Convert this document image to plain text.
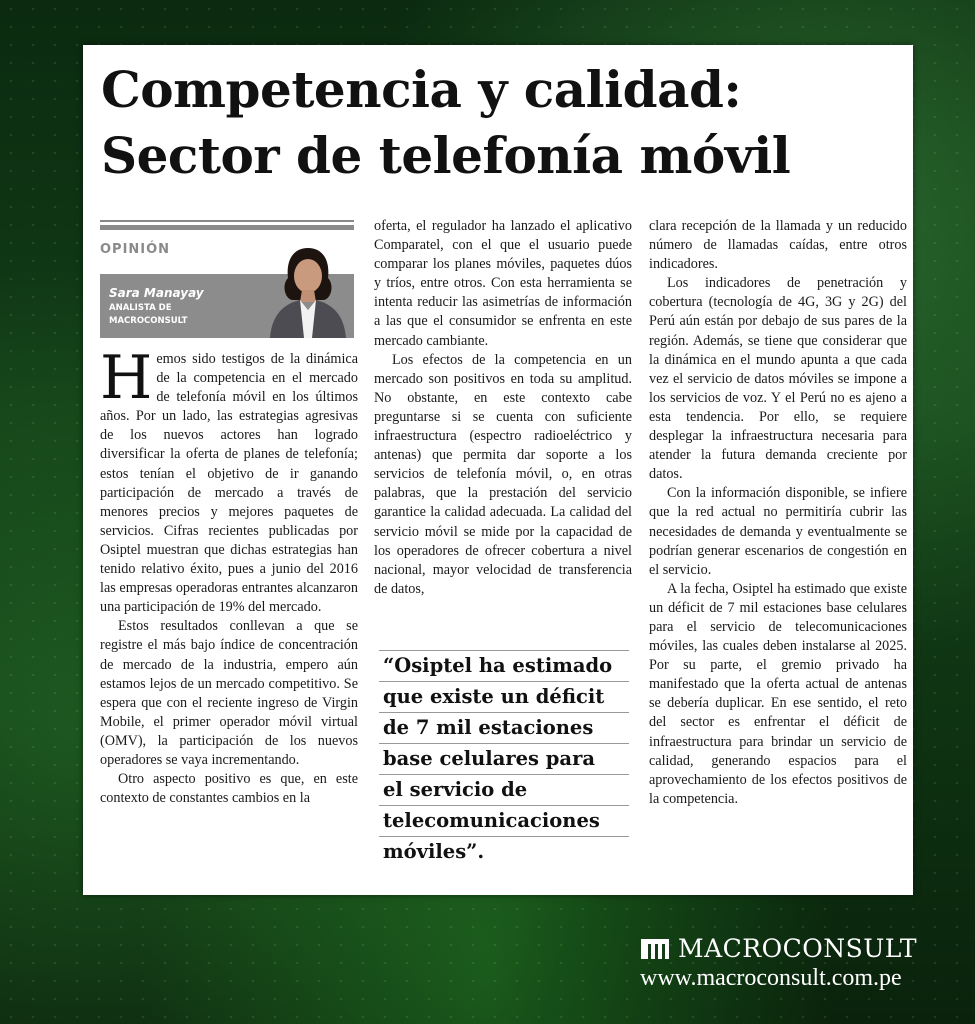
Competencia y calidad:
Sector de telefonía móvil
OPINIÓN
Sara Manayay
ANALISTA DE MACROCONSULT

Hemos sido testigos de la dinámica de la competencia en el mercado de telefonía móvil en los últimos años. Por un lado, las estrategias agresivas de los nuevos actores han logrado diversificar la oferta de planes de telefonía; estos tenían el objetivo de ir ganando participación de mercado a través de menores precios y mejores paquetes de servicios. Cifras recientes publicadas por Osiptel muestran que dichas estrategias han tenido relativo éxito, pues a junio del 2016 las empresas operadoras entrantes alcanzaron una participación de 19% del mercado.

Estos resultados conllevan a que se registre el más bajo índice de concentración de mercado de la industria, empero aún estamos lejos de un mercado competitivo. Se espera que con el reciente ingreso de Virgin Mobile, el primer operador móvil virtual (OMV), la participación de los nuevos operadores se vaya incrementando.

Otro aspecto positivo es que, en este contexto de constantes cambios en la

oferta, el regulador ha lanzado el aplicativo Comparatel, con el que el usuario puede comparar los planes móviles, paquetes dúos y tríos, entre otros. Con esta herramienta se intenta reducir las asimetrías de información a las que el consumidor se enfrenta en este mercado cambiante.

Los efectos de la competencia en un mercado son positivos en toda su amplitud. No obstante, en este contexto cabe preguntarse si se cuenta con suficiente infraestructura (espectro radioeléctrico y antenas) que permita dar soporte a los servicios de telefonía móvil, o, en otras palabras, que la prestación del servicio garantice la calidad adecuada. La calidad del servicio móvil se mide por la capacidad de los operadores de ofrecer cobertura a nivel nacional, mayor velocidad de transferencia de datos,

“Osiptel ha estimado
que existe un déficit
de 7 mil estaciones
base celulares para
el servicio de
telecomunicaciones
móviles”.

clara recepción de la llamada y un reducido número de llamadas caídas, entre otros indicadores.

Los indicadores de penetración y cobertura (tecnología de 4G, 3G y 2G) del Perú aún están por debajo de sus pares de la región. Además, se tiene que considerar que la dinámica en el mundo apunta a que cada vez el servicio de datos móviles se impone a los servicios de voz. Y el Perú no es ajeno a esta tendencia. Por ello, se requiere desplegar la infraestructura necesaria para atender la futura demanda creciente por datos.

Con la información disponible, se infiere que la red actual no permitiría cubrir las necesidades de demanda y eventualmente se podrían generar escenarios de congestión en el servicio.

A la fecha, Osiptel ha estimado que existe un déficit de 7 mil estaciones base celulares para el servicio de telecomunicaciones móviles, las cuales deben instalarse al 2025. Por su parte, el gremio privado ha manifestado que la oferta actual de antenas se debería duplicar. En ese sentido, el reto del sector es enfrentar el déficit de infraestructura para brindar un servicio de calidad, generando espacios para el aprovechamiento de los efectos positivos de la competencia.

MACROCONSULT
www.macroconsult.com.pe
